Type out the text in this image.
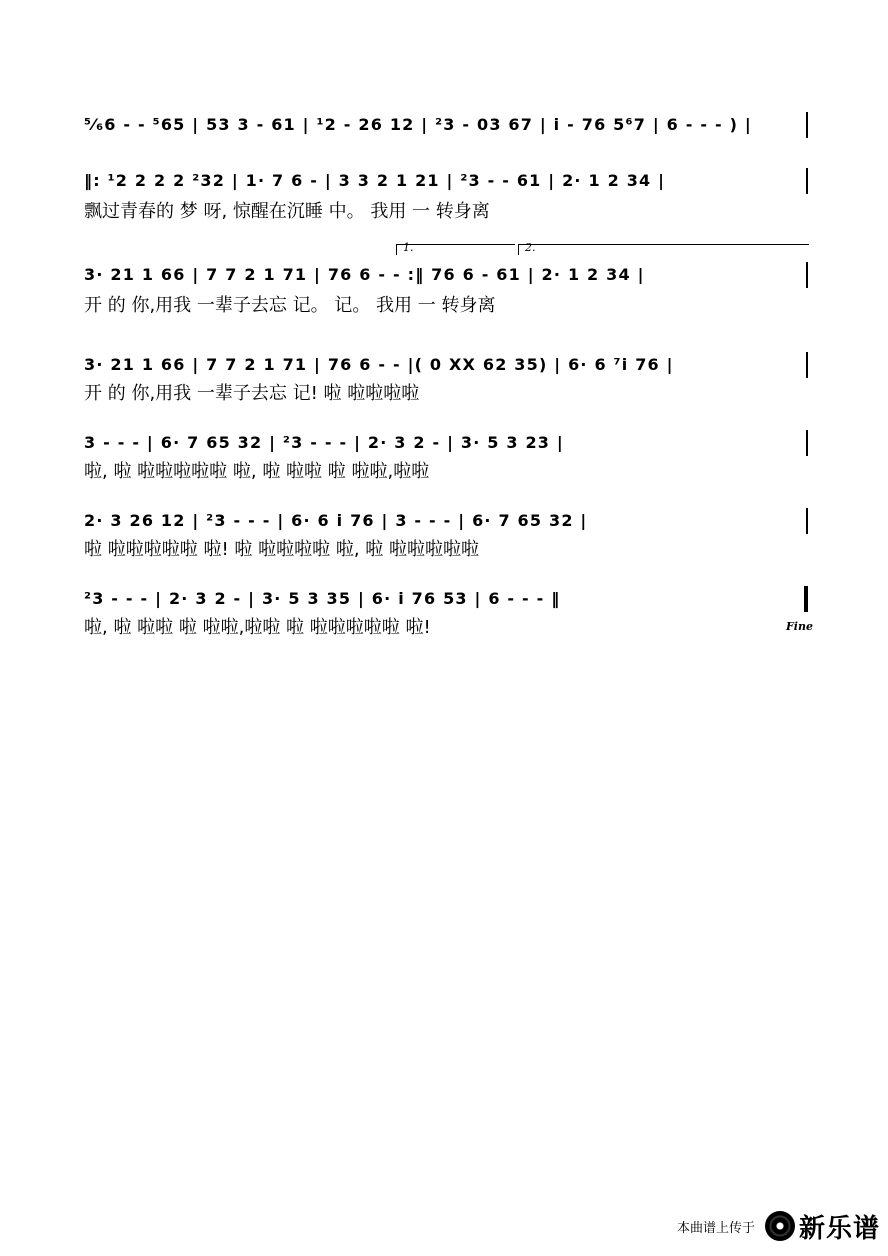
⁵⁄₆6 - - ⁵65 | 53 3 - 61 | ¹2 - 26 12 | ²3 - 03 67 | i - 76 5⁶7 | 6 - - - ) |
‖: ¹2 2 2 2 ²32 | 1· 7 6 - | 3 3 2 1 21 | ²3 - - 61 | 2· 1 2 34 |
飘过青春的 梦 呀, 惊醒在沉睡 中。 我用 一 转身离
1.	2.
3· 21 1 66 | 7 7 2 1 71 | 76 6 - - :‖ 76 6 - 61 | 2· 1 2 34 |
开 的 你,用我 一辈子去忘 记。 记。 我用 一 转身离
3· 21 1 66 | 7 7 2 1 71 | 76 6 - - |( 0 XX 62 35) | 6· 6 ⁷i 76 |
开 的 你,用我 一辈子去忘 记! 啦 啦啦啦啦
3 - - - | 6· 7 65 32 | ²3 - - - | 2· 3 2 - | 3· 5 3 23 |
啦, 啦 啦啦啦啦啦 啦, 啦 啦啦 啦 啦啦,啦啦
2· 3 26 12 | ²3 - - - | 6· 6 i 76 | 3 - - - | 6· 7 65 32 |
啦 啦啦啦啦啦 啦! 啦 啦啦啦啦 啦, 啦 啦啦啦啦啦
²3 - - - | 2· 3 2 - | 3· 5 3 35 | 6· i 76 53 | 6 - - - ‖
啦, 啦 啦啦 啦 啦啦,啦啦 啦 啦啦啦啦啦 啦!	Fine
本曲谱上传于 新乐谱
